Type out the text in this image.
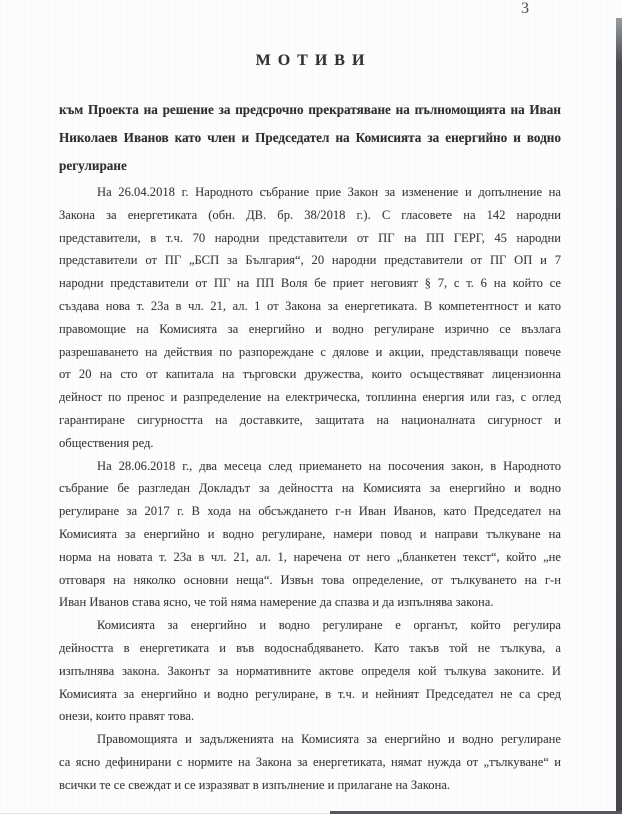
3
МОТИВИ
към Проекта на решение за предсрочно прекратяване на пълномощията на Иван
Николаев Иванов като член и Председател на Комисията за енергийно и водно
регулиране
На 26.04.2018 г. Народното събрание прие Закон за изменение и допълнение на
Закона за енергетиката (обн. ДВ. бр. 38/2018 г.). С гласовете на 142 народни
представители, в т.ч. 70 народни представители от ПГ на ПП ГЕРГ, 45 народни
представители от ПГ „БСП за България“, 20 народни представители от ПГ ОП и 7
народни представители от ПГ на ПП Воля бе приет неговият § 7, с т. 6 на който се
създава нова т. 23а в чл. 21, ал. 1 от Закона за енергетиката. В компетентност и като
правомощие на Комисията за енергийно и водно регулиране изрично се възлага
разрешаването на действия по разпореждане с дялове и акции, представляващи повече
от 20 на сто от капитала на търговски дружества, които осъществяват лицензионна
дейност по пренос и разпределение на електрическа, топлинна енергия или газ, с оглед
гарантиране сигурността на доставките, защитата на националната сигурност и
обществения ред.
На 28.06.2018 г., два месеца след приемането на посочения закон, в Народното
събрание бе разгледан Докладът за дейността на Комисията за енергийно и водно
регулиране за 2017 г. В хода на обсъждането г-н Иван Иванов, като Председател на
Комисията за енергийно и водно регулиране, намери повод и направи тълкуване на
норма на новата т. 23а в чл. 21, ал. 1, наречена от него „бланкетен текст“, който „не
отговаря на няколко основни неща“. Извън това определение, от тълкуването на г-н
Иван Иванов става ясно, че той няма намерение да спазва и да изпълнява закона.
Комисията за енергийно и водно регулиране е органът, който регулира
дейността в енергетиката и във водоснабдяването. Като такъв той не тълкува, а
изпълнява закона. Законът за нормативните актове определя кой тълкува законите. И
Комисията за енергийно и водно регулиране, в т.ч. и нейният Председател не са сред
онези, които правят това.
Правомощията и задълженията на Комисията за енергийно и водно регулиране
са ясно дефинирани с нормите на Закона за енергетиката, нямат нужда от „тълкуване“ и
всички те се свеждат и се изразяват в изпълнение и прилагане на Закона.
